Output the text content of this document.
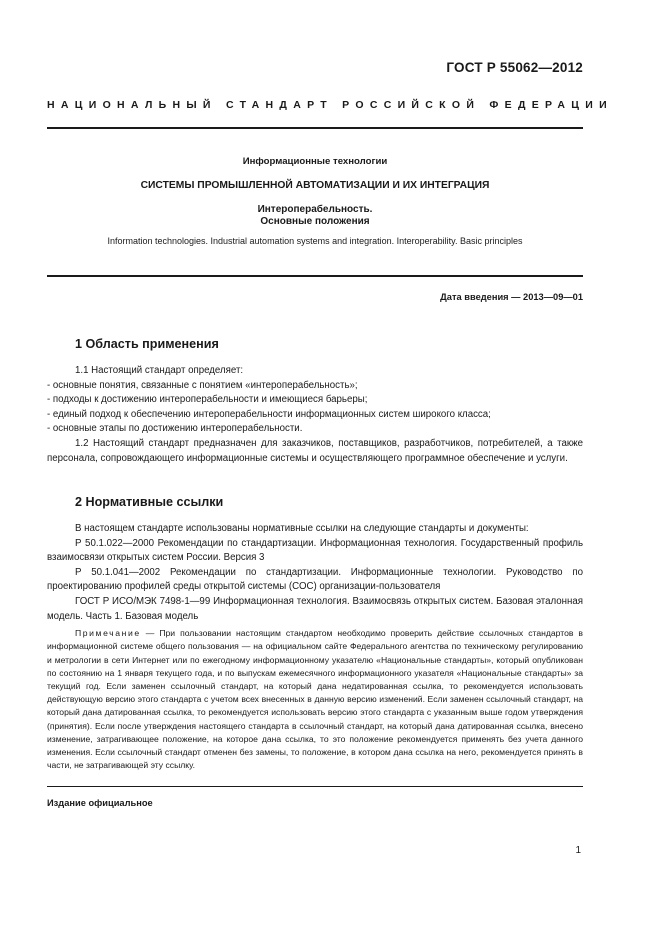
ГОСТ Р 55062—2012
НАЦИОНАЛЬНЫЙ СТАНДАРТ РОССИЙСКОЙ ФЕДЕРАЦИИ
Информационные технологии
СИСТЕМЫ ПРОМЫШЛЕННОЙ АВТОМАТИЗАЦИИ И ИХ ИНТЕГРАЦИЯ
Интероперабельность.
Основные положения
Information technologies. Industrial automation systems and integration. Interoperability. Basic principles
Дата введения — 2013—09—01
1 Область применения

1.1 Настоящий стандарт определяет:

- основные понятия, связанные с понятием «интероперабельность»;

- подходы к достижению интероперабельности и имеющиеся барьеры;

- единый подход к обеспечению интероперабельности информационных систем широкого класса;

- основные этапы по достижению интероперабельности.

1.2 Настоящий стандарт предназначен для заказчиков, поставщиков, разработчиков, потребителей, а также персонала, сопровождающего информационные системы и осуществляющего программное обеспечение и услуги.

2 Нормативные ссылки

В настоящем стандарте использованы нормативные ссылки на следующие стандарты и документы:

Р 50.1.022—2000 Рекомендации по стандартизации. Информационная технология. Государственный профиль взаимосвязи открытых систем России. Версия 3

Р 50.1.041—2002 Рекомендации по стандартизации. Информационные технологии. Руководство по проектированию профилей среды открытой системы (СОС) организации-пользователя

ГОСТ Р ИСО/МЭК 7498-1—99 Информационная технология. Взаимосвязь открытых систем. Базовая эталонная модель. Часть 1. Базовая модель

Примечание — При пользовании настоящим стандартом необходимо проверить действие ссылочных стандартов в информационной системе общего пользования — на официальном сайте Федерального агентства по техническому регулированию и метрологии в сети Интернет или по ежегодному информационному указателю «Национальные стандарты», который опубликован по состоянию на 1 января текущего года, и по выпускам ежемесячного информационного указателя «Национальные стандарты» за текущий год. Если заменен ссылочный стандарт, на который дана недатированная ссылка, то рекомендуется использовать действующую версию этого стандарта с учетом всех внесенных в данную версию изменений. Если заменен ссылочный стандарт, на который дана датированная ссылка, то рекомендуется использовать версию этого стандарта с указанным выше годом утверждения (принятия). Если после утверждения настоящего стандарта в ссылочный стандарт, на который дана датированная ссылка, внесено изменение, затрагивающее положение, на которое дана ссылка, то это положение рекомендуется применять без учета данного изменения. Если ссылочный стандарт отменен без замены, то положение, в котором дана ссылка на него, рекомендуется принять в части, не затрагивающей эту ссылку.

Издание официальное
1
